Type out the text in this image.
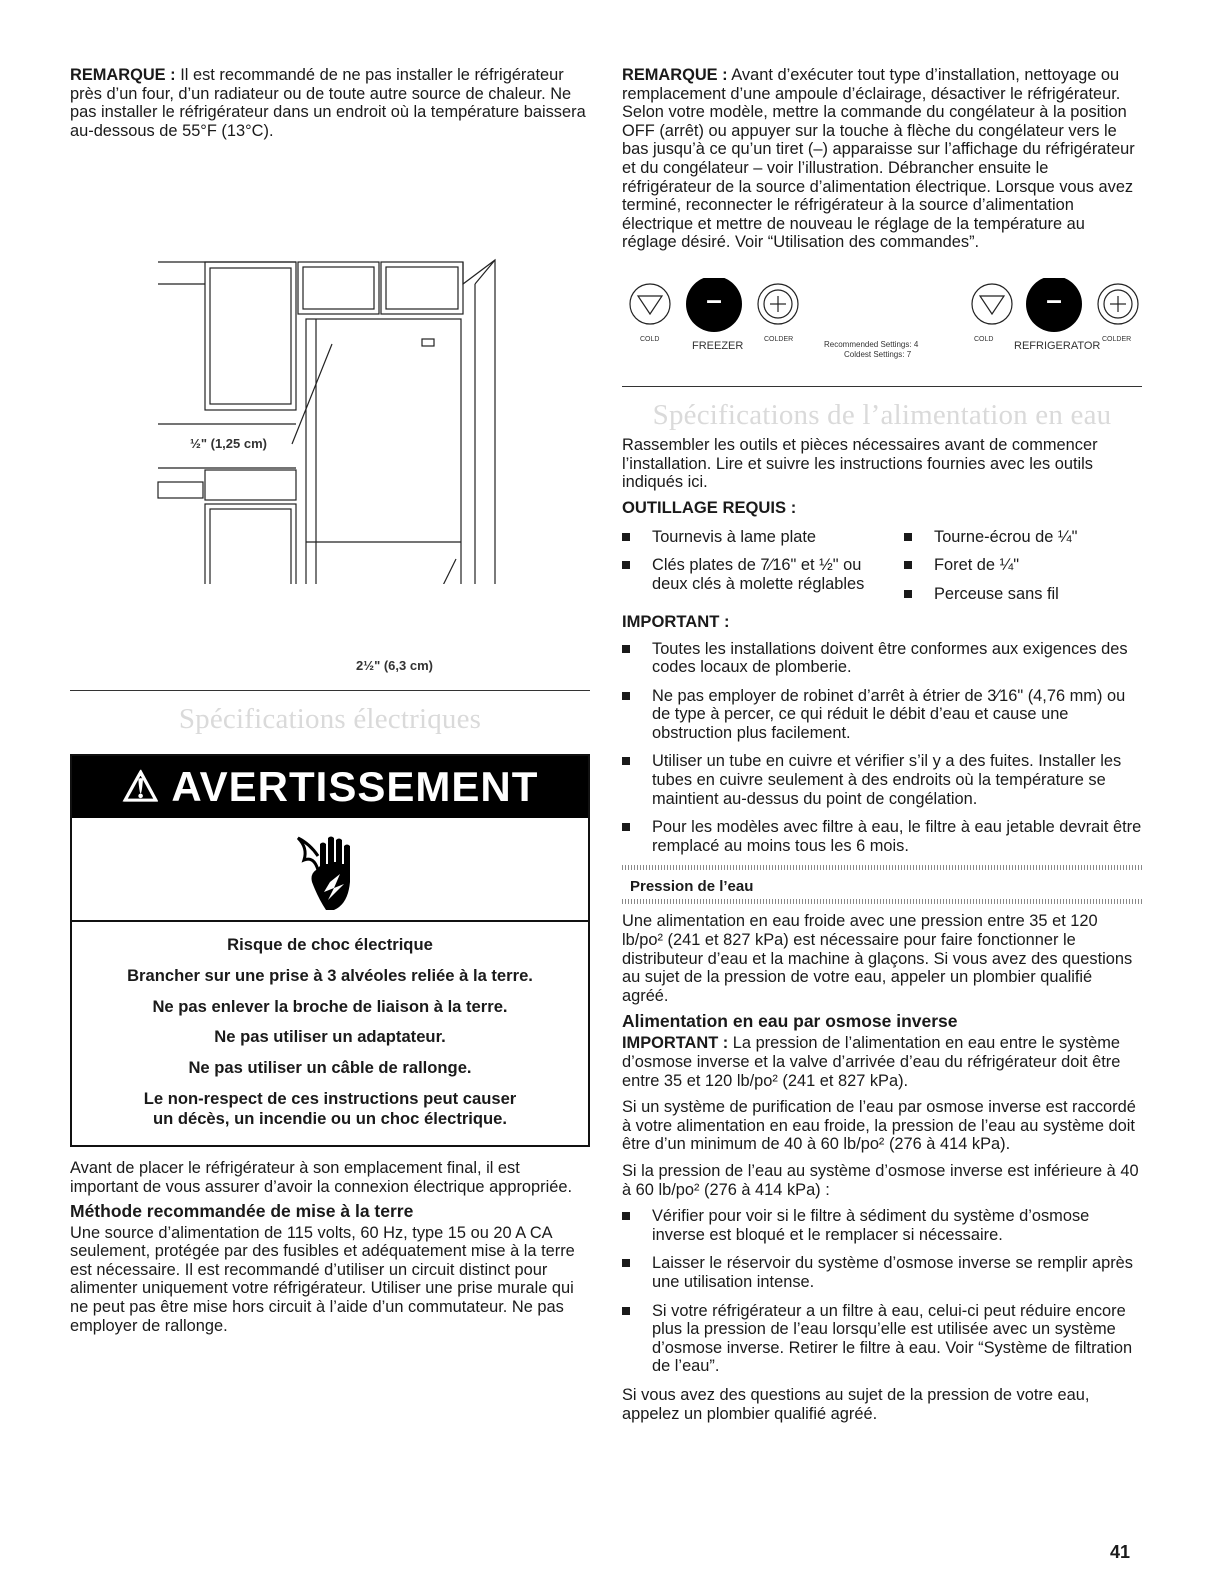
REMARQUE : Il est recommandé de ne pas installer le réfrigérateur près d’un four, d’un radiateur ou de toute autre source de chaleur. Ne pas installer le réfrigérateur dans un endroit où la température baissera au-dessous de 55°F (13°C).

½" (1,25 cm)
2½" (6,3 cm)
Spécifications électriques
⚠ AVERTISSEMENT

Risque de choc électrique

Brancher sur une prise à 3 alvéoles reliée à la terre.

Ne pas enlever la broche de liaison à la terre.

Ne pas utiliser un adaptateur.

Ne pas utiliser un câble de rallonge.

Le non-respect de ces instructions peut causer un décès, un incendie ou un choc électrique.

Avant de placer le réfrigérateur à son emplacement final, il est important de vous assurer d’avoir la connexion électrique appropriée.

Méthode recommandée de mise à la terre

Une source d’alimentation de 115 volts, 60 Hz, type 15 ou 20 A CA seulement, protégée par des fusibles et adéquatement mise à la terre est nécessaire. Il est recommandé d’utiliser un circuit distinct pour alimenter uniquement votre réfrigérateur. Utiliser une prise murale qui ne peut pas être mise hors circuit à l’aide d’un commutateur. Ne pas employer de rallonge.

REMARQUE : Avant d’exécuter tout type d’installation, nettoyage ou remplacement d’une ampoule d’éclairage, désactiver le réfrigérateur. Selon votre modèle, mettre la commande du congélateur à la position OFF (arrêt) ou appuyer sur la touche à flèche du congélateur vers le bas jusqu’à ce qu’un tiret (–) apparaisse sur l’affichage du réfrigérateur et du congélateur – voir l’illustration. Débrancher ensuite le réfrigérateur de la source d’alimentation électrique. Lorsque vous avez terminé, reconnecter le réfrigérateur à la source d’alimentation électrique et mettre de nouveau le réglage de la température au réglage désiré. Voir “Utilisation des commandes”.

–	–
COLD
FREEZER
COLDER
Recommended Settings: 4
Coldest Settings: 7
COLD
REFRIGERATOR
COLDER
Spécifications de l’alimentation en eau

Rassembler les outils et pièces nécessaires avant de commencer l’installation. Lire et suivre les instructions fournies avec les outils indiqués ici.

OUTILLAGE REQUIS :

Tournevis à lame plate

Clés plates de 7⁄16" et ½" ou deux clés à molette réglables

Tourne-écrou de ¼"

Foret de ¼"

Perceuse sans fil

IMPORTANT :

Toutes les installations doivent être conformes aux exigences des codes locaux de plomberie.

Ne pas employer de robinet d’arrêt à étrier de 3⁄16" (4,76 mm) ou de type à percer, ce qui réduit le débit d’eau et cause une obstruction plus facilement.

Utiliser un tube en cuivre et vérifier s’il y a des fuites. Installer les tubes en cuivre seulement à des endroits où la température se maintient au-dessus du point de congélation.

Pour les modèles avec filtre à eau, le filtre à eau jetable devrait être remplacé au moins tous les 6 mois.

Pression de l’eau

Une alimentation en eau froide avec une pression entre 35 et 120 lb/po² (241 et 827 kPa) est nécessaire pour faire fonctionner le distributeur d’eau et la machine à glaçons. Si vous avez des questions au sujet de la pression de votre eau, appeler un plombier qualifié agréé.

Alimentation en eau par osmose inverse

IMPORTANT : La pression de l’alimentation en eau entre le système d’osmose inverse et la valve d’arrivée d’eau du réfrigérateur doit être entre 35 et 120 lb/po² (241 et 827 kPa).

Si un système de purification de l’eau par osmose inverse est raccordé à votre alimentation en eau froide, la pression de l’eau au système doit être d’un minimum de 40 à 60 lb/po² (276 à 414 kPa).

Si la pression de l’eau au système d’osmose inverse est inférieure à 40 à 60 lb/po² (276 à 414 kPa) :

Vérifier pour voir si le filtre à sédiment du système d’osmose inverse est bloqué et le remplacer si nécessaire.

Laisser le réservoir du système d’osmose inverse se remplir après une utilisation intense.

Si votre réfrigérateur a un filtre à eau, celui-ci peut réduire encore plus la pression de l’eau lorsqu’elle est utilisée avec un système d’osmose inverse. Retirer le filtre à eau. Voir “Système de filtration de l’eau”.

Si vous avez des questions au sujet de la pression de votre eau, appelez un plombier qualifié agréé.

41
